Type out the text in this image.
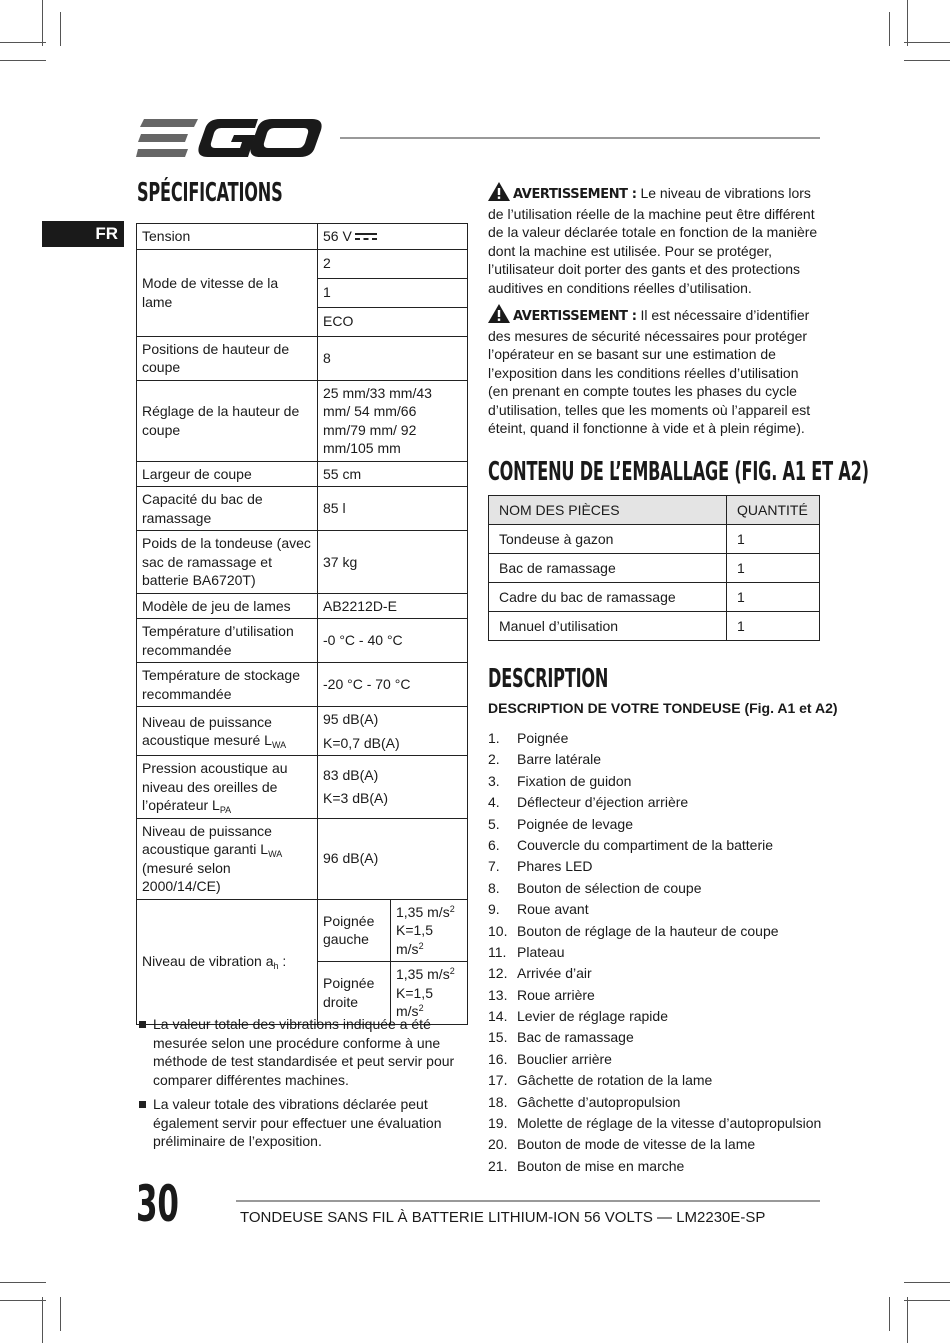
FR
SPÉCIFICATIONS
Tension	56 V	
Mode de vitesse de la lame	2	
	1	
	ECO	
Positions de hauteur de coupe	8	
Réglage de la hauteur de coupe	25 mm/33 mm/43 mm/ 54 mm/66 mm/79 mm/ 92 mm/105 mm	
Largeur de coupe	55 cm	
Capacité du bac de ramassage	85 l	
Poids de la tondeuse (avec sac de ramassage et batterie BA6720T)	37 kg	
Modèle de jeu de lames	AB2212D-E	
Température d’utilisation recommandée	-0 °C - 40 °C	
Température de stockage recommandée	-20 °C - 70 °C	
Niveau de puissance acoustique mesuré $L_{WA}$	95 dB(A)
K=0,7 dB(A)	

Pression acoustique au niveau des oreilles de l’opérateur $L_{PA}$	83 dB(A)
K=3 dB(A)	

Niveau de puissance acoustique garanti $L_{WA}$ (mesuré selon 2000/14/CE)	96 dB(A)	
Niveau de vibration $a_h$ :	Poignée gauche	1,35 $m/s^2$
K=1,5 $m/s^2$
	Poignée droite	1,35 $m/s^2$
K=1,5 $m/s^2$
La valeur totale des vibrations indiquée a été mesurée selon une procédure conforme à une méthode de test standardisée et peut servir pour comparer différentes machines.
La valeur totale des vibrations déclarée peut également servir pour effectuer une évaluation préliminaire de l’exposition.
AVERTISSEMENT : Le niveau de vibrations lors de l’utilisation réelle de la machine peut être différent de la valeur déclarée totale en fonction de la manière dont la machine est utilisée. Pour se protéger, l’utilisateur doit porter des gants et des protections auditives en conditions réelles d’utilisation.
AVERTISSEMENT : Il est nécessaire d’identifier des mesures de sécurité nécessaires pour protéger l’opérateur en se basant sur une estimation de l’exposition dans les conditions réelles d’utilisation (en prenant en compte toutes les phases du cycle d’utilisation, telles que les moments où l’appareil est éteint, quand il fonctionne à vide et à plein régime).
CONTENU DE L’EMBALLAGE (FIG. A1 ET A2)
NOM DES PIÈCES	QUANTITÉ
Tondeuse à gazon	1
Bac de ramassage	1
Cadre du bac de ramassage	1
Manuel d’utilisation	1
DESCRIPTION
DESCRIPTION DE VOTRE TONDEUSE (Fig. A1 et A2)
1. Poignée
2. Barre latérale
3. Fixation de guidon
4. Déflecteur d’éjection arrière
5. Poignée de levage
6. Couvercle du compartiment de la batterie
7. Phares LED
8. Bouton de sélection de coupe
9. Roue avant
10. Bouton de réglage de la hauteur de coupe
11. Plateau
12. Arrivée d’air
13. Roue arrière
14. Levier de réglage rapide
15. Bac de ramassage
16. Bouclier arrière
17. Gâchette de rotation de la lame
18. Gâchette d’autopropulsion
19. Molette de réglage de la vitesse d’autopropulsion
20. Bouton de mode de vitesse de la lame
21. Bouton de mise en marche
30	TONDEUSE SANS FIL À BATTERIE LITHIUM-ION 56 VOLTS — LM2230E-SP
